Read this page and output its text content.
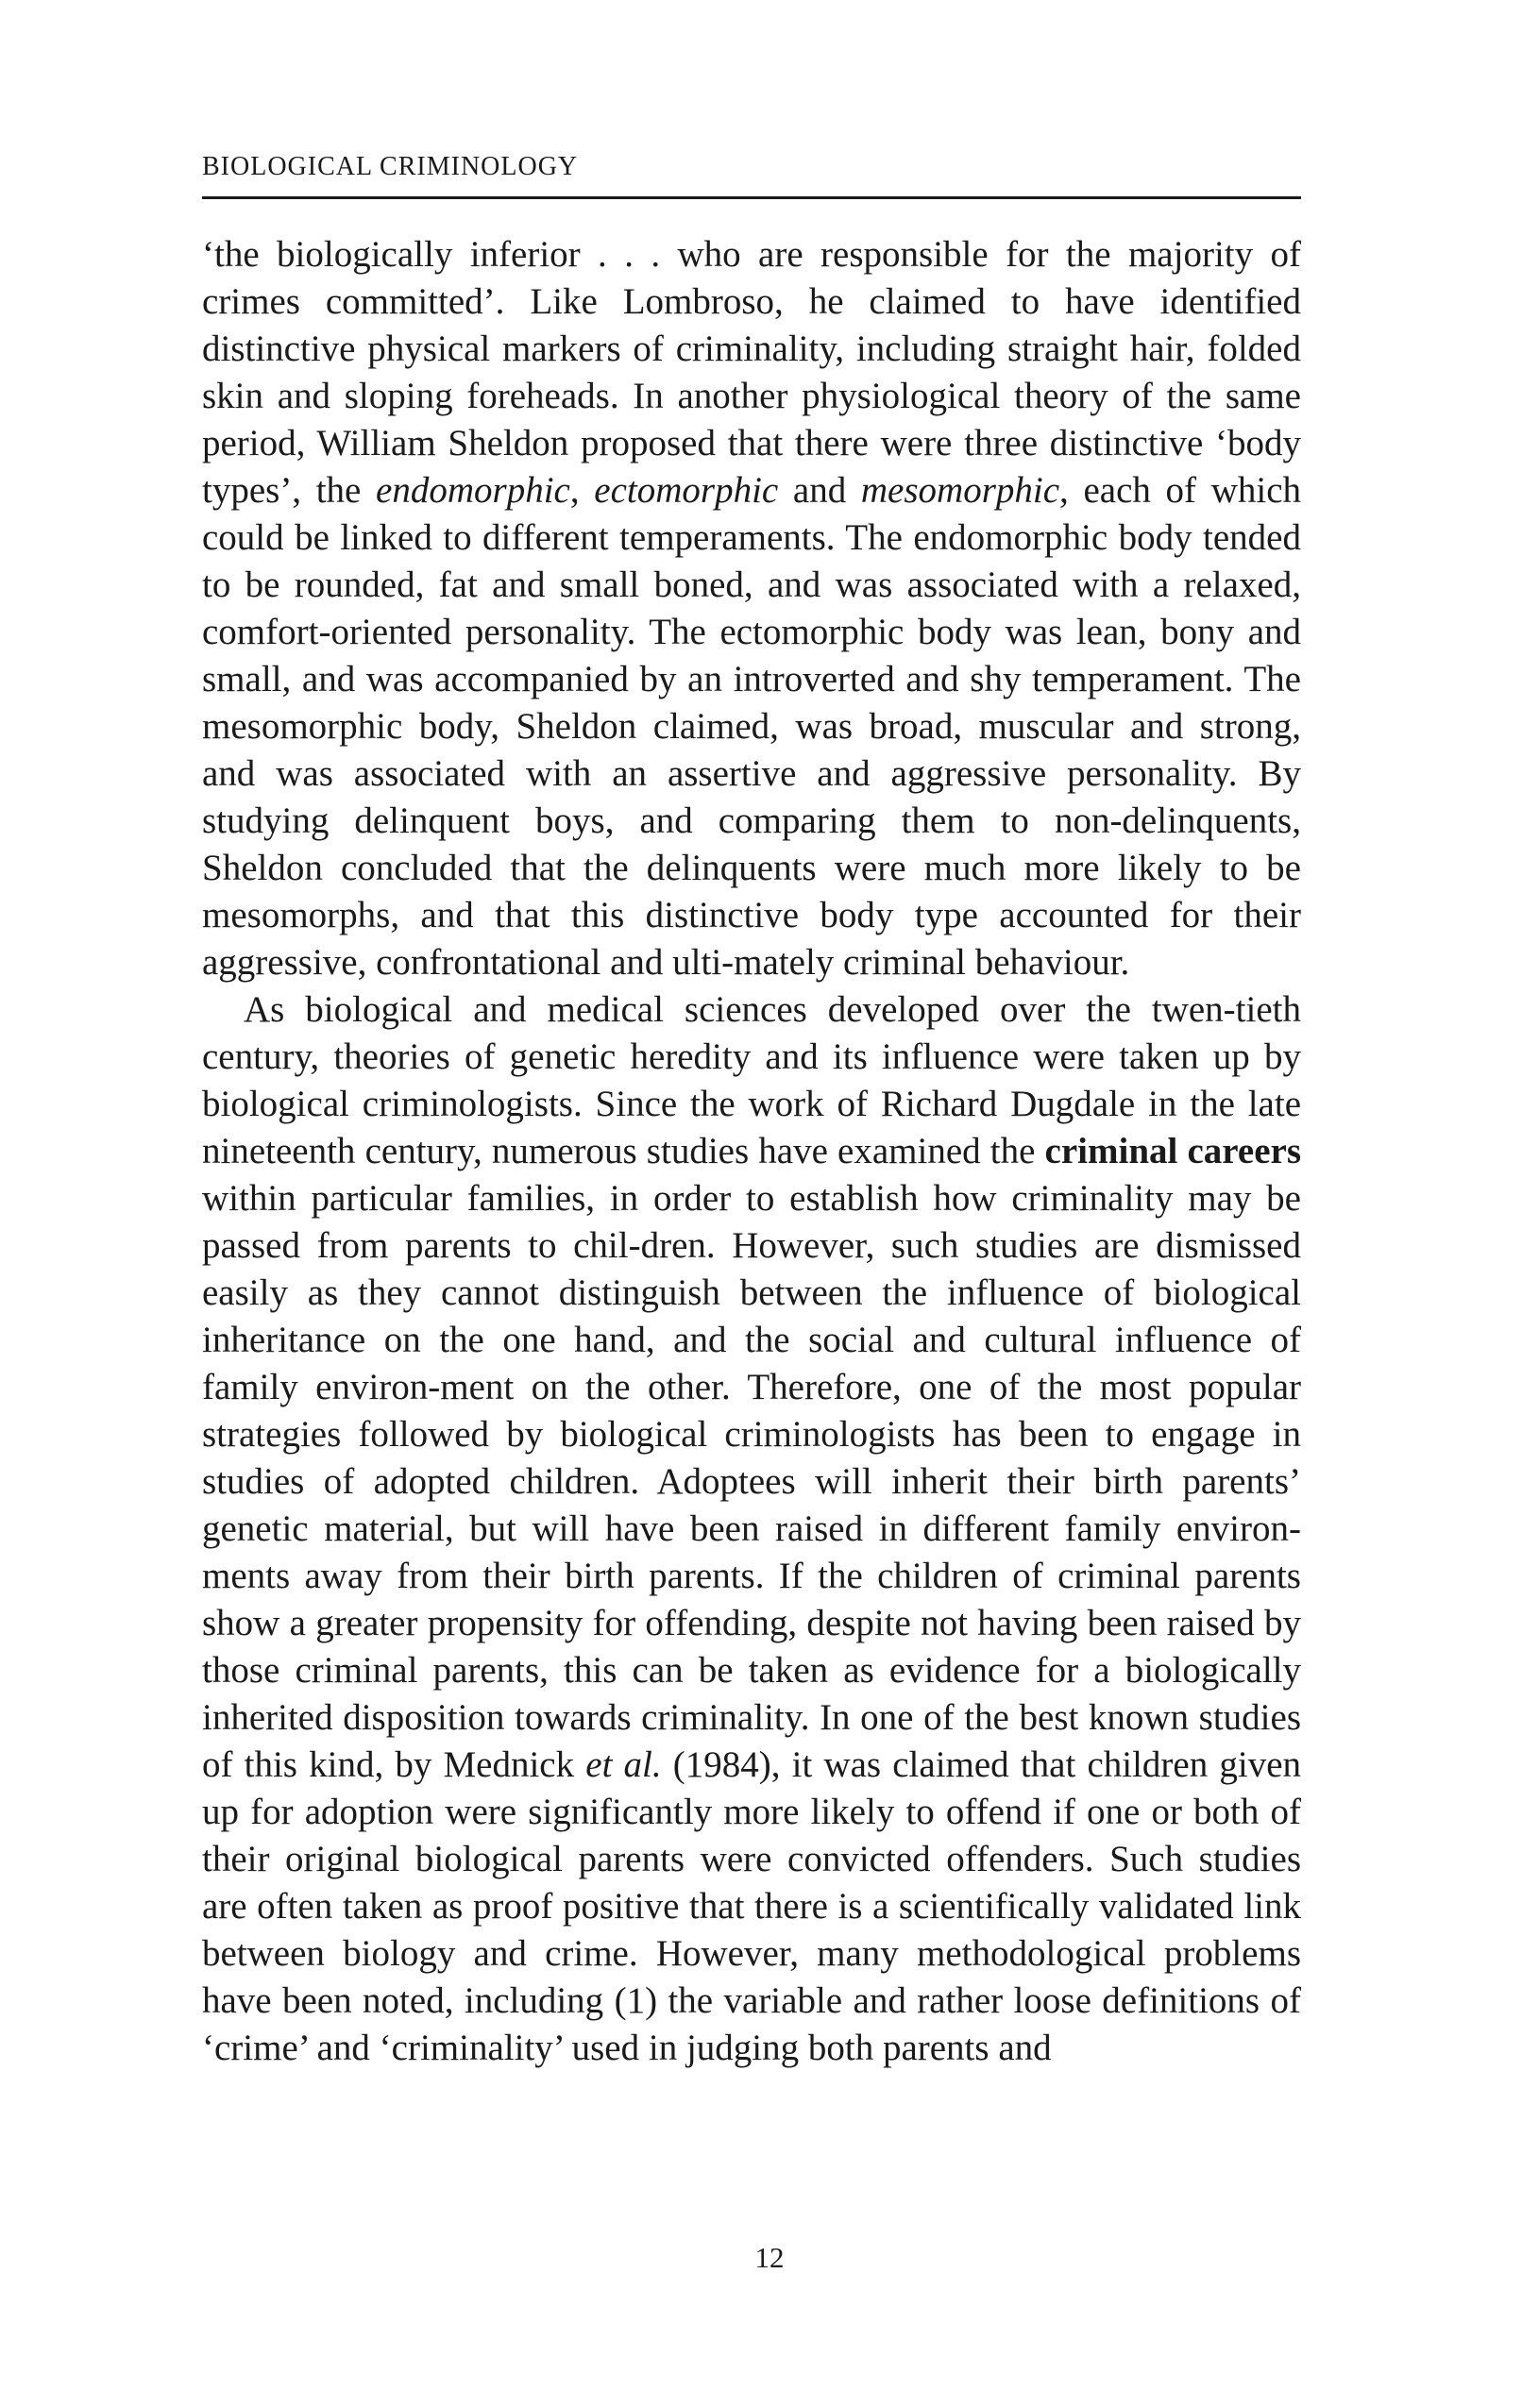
BIOLOGICAL CRIMINOLOGY

‘the biologically inferior . . . who are responsible for the majority of crimes committed’. Like Lombroso, he claimed to have identified distinctive physical markers of criminality, including straight hair, folded skin and sloping foreheads. In another physiological theory of the same period, William Sheldon proposed that there were three distinctive ‘body types’, the endomorphic, ectomorphic and mesomorphic, each of which could be linked to different temperaments. The endomorphic body tended to be rounded, fat and small boned, and was associated with a relaxed, comfort-oriented personality. The ectomorphic body was lean, bony and small, and was accompanied by an introverted and shy temperament. The mesomorphic body, Sheldon claimed, was broad, muscular and strong, and was associated with an assertive and aggressive personality. By studying delinquent boys, and comparing them to non-delinquents, Sheldon concluded that the delinquents were much more likely to be mesomorphs, and that this distinctive body type accounted for their aggressive, confrontational and ulti-mately criminal behaviour.

As biological and medical sciences developed over the twen-tieth century, theories of genetic heredity and its influence were taken up by biological criminologists. Since the work of Richard Dugdale in the late nineteenth century, numerous studies have examined the criminal careers within particular families, in order to establish how criminality may be passed from parents to chil-dren. However, such studies are dismissed easily as they cannot distinguish between the influence of biological inheritance on the one hand, and the social and cultural influence of family environ-ment on the other. Therefore, one of the most popular strategies followed by biological criminologists has been to engage in studies of adopted children. Adoptees will inherit their birth parents’ genetic material, but will have been raised in different family environ-ments away from their birth parents. If the children of criminal parents show a greater propensity for offending, despite not having been raised by those criminal parents, this can be taken as evidence for a biologically inherited disposition towards criminality. In one of the best known studies of this kind, by Mednick et al. (1984), it was claimed that children given up for adoption were significantly more likely to offend if one or both of their original biological parents were convicted offenders. Such studies are often taken as proof positive that there is a scientifically validated link between biology and crime. However, many methodological problems have been noted, including (1) the variable and rather loose definitions of ‘crime’ and ‘criminality’ used in judging both parents and

12
